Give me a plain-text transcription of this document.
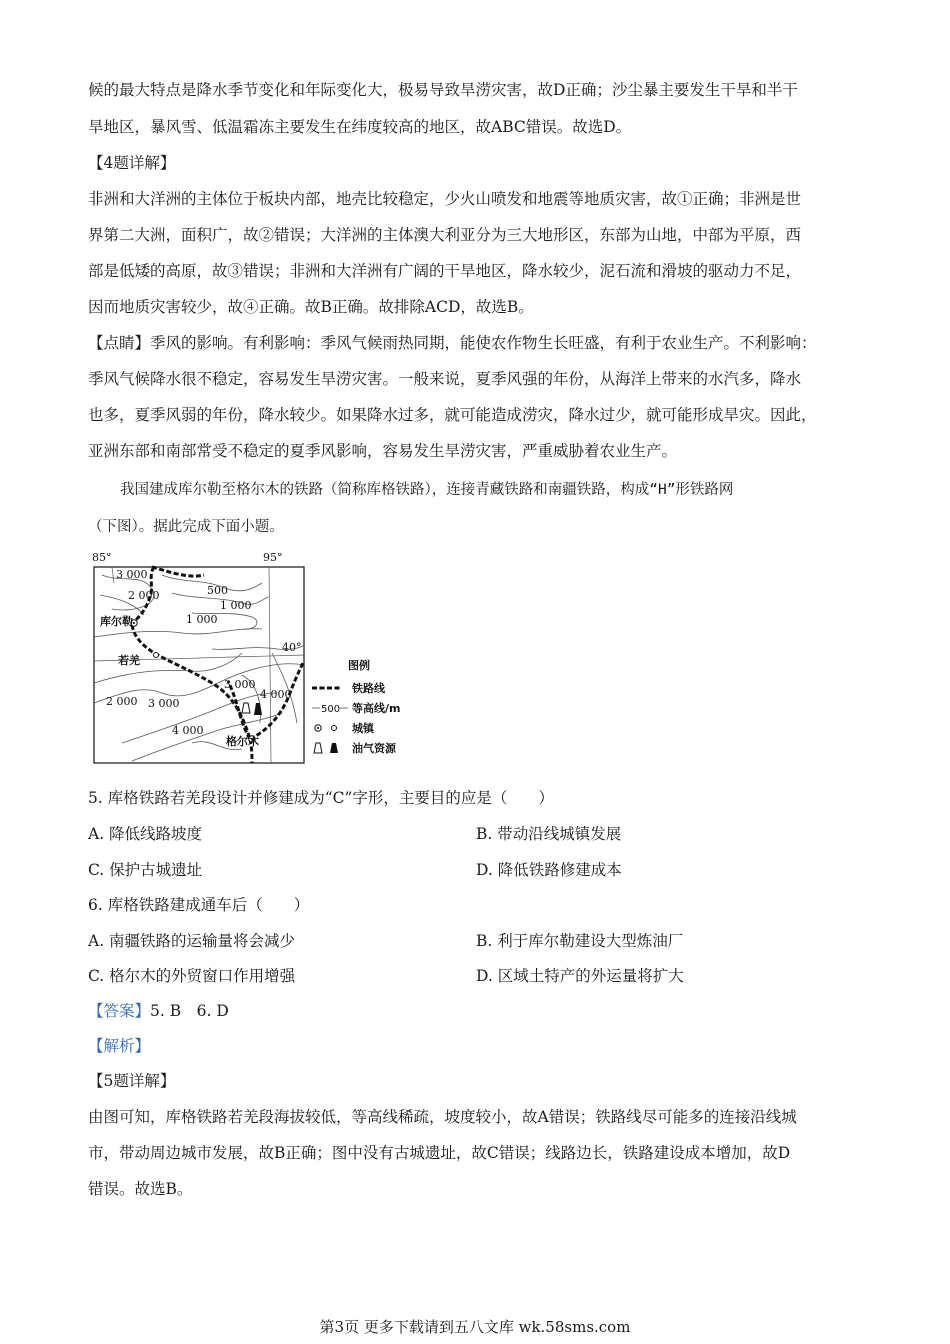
候的最大特点是降水季节变化和年际变化大，极易导致旱涝灾害，故D正确；沙尘暴主要发生干旱和半干
旱地区，暴风雪、低温霜冻主要发生在纬度较高的地区，故ABC错误。故选D。
【4题详解】
非洲和大洋洲的主体位于板块内部，地壳比较稳定，少火山喷发和地震等地质灾害，故①正确；非洲是世
界第二大洲，面积广，故②错误；大洋洲的主体澳大利亚分为三大地形区，东部为山地，中部为平原，西
部是低矮的高原，故③错误；非洲和大洋洲有广阔的干旱地区，降水较少，泥石流和滑坡的驱动力不足，
因而地质灾害较少，故④正确。故B正确。故排除ACD，故选B。
【点睛】季风的影响。有利影响：季风气候雨热同期，能使农作物生长旺盛，有利于农业生产。不利影响：
季风气候降水很不稳定，容易发生旱涝灾害。一般来说，夏季风强的年份，从海洋上带来的水汽多，降水
也多，夏季风弱的年份，降水较少。如果降水过多，就可能造成涝灾，降水过少，就可能形成旱灾。因此，
亚洲东部和南部常受不稳定的夏季风影响，容易发生旱涝灾害，严重威胁着农业生产。
我国建成库尔勒至格尔木的铁路（简称库格铁路），连接青藏铁路和南疆铁路，构成“H”形铁路网
（下图）。据此完成下面小题。
85°	95°
40°
3 000
2 000	500
1 000
1 000
3 000
4 000
2 000 3 000
4 000
库尔勒
若羌
格尔木
图例
铁路线
500 等高线/m
城镇
油气资源
5. 库格铁路若羌段设计并修建成为“C”字形，主要目的应是（　　）
A. 降低线路坡度	B. 带动沿线城镇发展
C. 保护古城遗址	D. 降低铁路修建成本
6. 库格铁路建成通车后（　　）
A. 南疆铁路的运输量将会减少	B. 利于库尔勒建设大型炼油厂
C. 格尔木的外贸窗口作用增强	D. 区域土特产的外运量将扩大
【答案】5. B　6. D
【解析】
【5题详解】
由图可知，库格铁路若羌段海拔较低，等高线稀疏，坡度较小，故A错误；铁路线尽可能多的连接沿线城
市，带动周边城市发展，故B正确；图中没有古城遗址，故C错误；线路边长，铁路建设成本增加，故D
错误。故选B。
第3页 更多下载请到五八文库 wk.58sms.com
